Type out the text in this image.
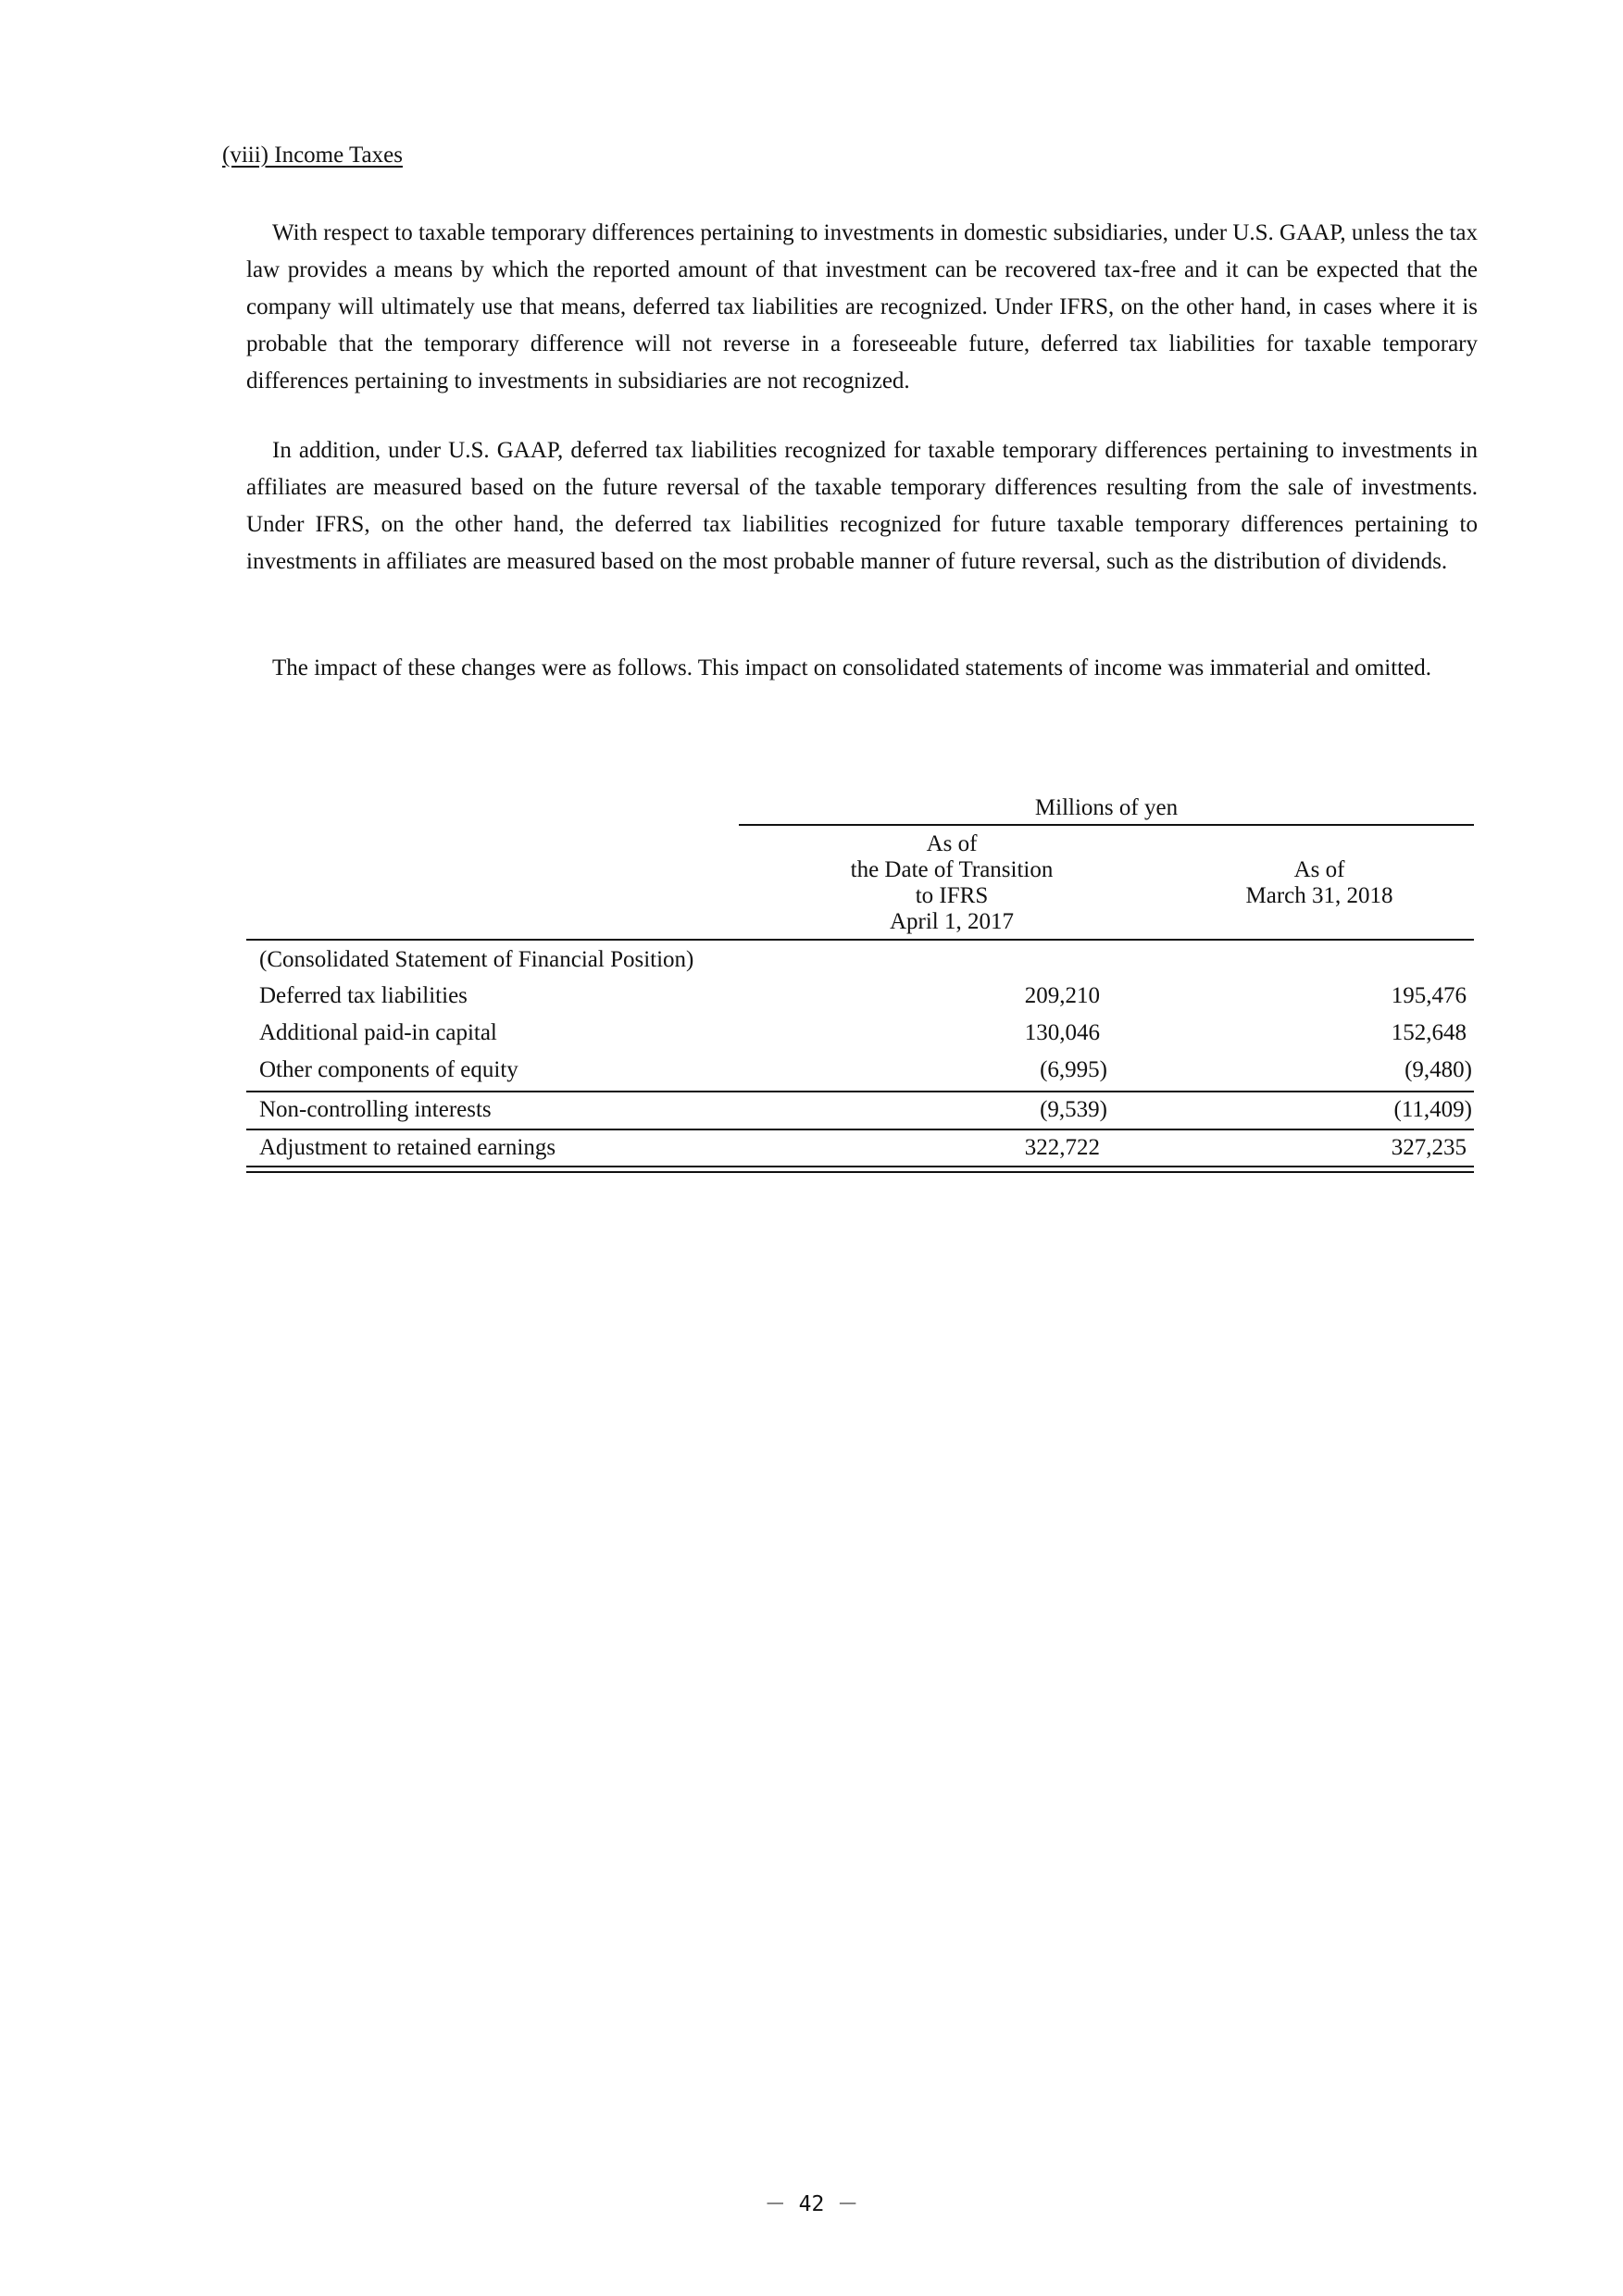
(viii) Income Taxes

With respect to taxable temporary differences pertaining to investments in domestic subsidiaries, under U.S. GAAP, unless the tax law provides a means by which the reported amount of that investment can be recovered tax-free and it can be expected that the company will ultimately use that means, deferred tax liabilities are recognized. Under IFRS, on the other hand, in cases where it is probable that the temporary difference will not reverse in a foreseeable future, deferred tax liabilities for taxable temporary differences pertaining to investments in subsidiaries are not recognized.

In addition, under U.S. GAAP, deferred tax liabilities recognized for taxable temporary differences pertaining to investments in affiliates are measured based on the future reversal of the taxable temporary differences resulting from the sale of investments. Under IFRS, on the other hand, the deferred tax liabilities recognized for future taxable temporary differences pertaining to investments in affiliates are measured based on the most probable manner of future reversal, such as the distribution of dividends.

The impact of these changes were as follows. This impact on consolidated statements of income was immaterial and omitted.

Millions of yen
As of
the Date of Transition
to IFRS
April 1, 2017
As of
March 31, 2018
(Consolidated Statement of Financial Position)
Deferred tax liabilities	209,210	195,476
Additional paid-in capital	130,046	152,648
Other components of equity	(6,995)	(9,480)
Non-controlling interests	(9,539)	(11,409)
Adjustment to retained earnings	322,722	327,235
－ 42 －
